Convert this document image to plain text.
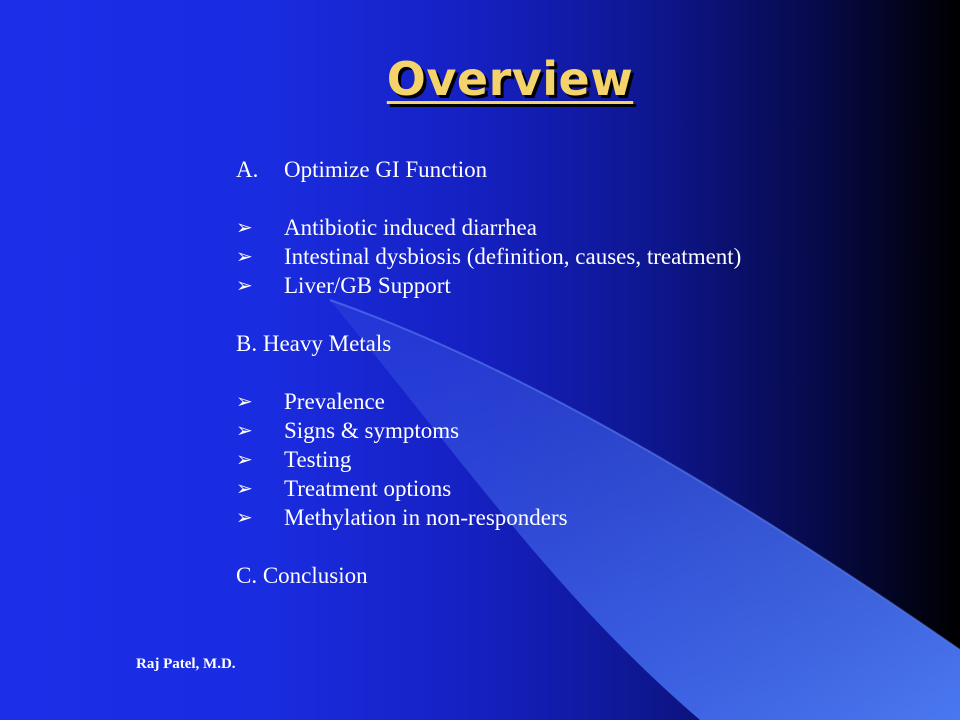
Overview
A. Optimize GI Function
➢ Antibiotic induced diarrhea
➢ Intestinal dysbiosis (definition, causes, treatment)
➢ Liver/GB Support
B. Heavy Metals
➢ Prevalence
➢ Signs & symptoms
➢ Testing
➢ Treatment options
➢ Methylation in non-responders
C. Conclusion
Raj Patel, M.D.
